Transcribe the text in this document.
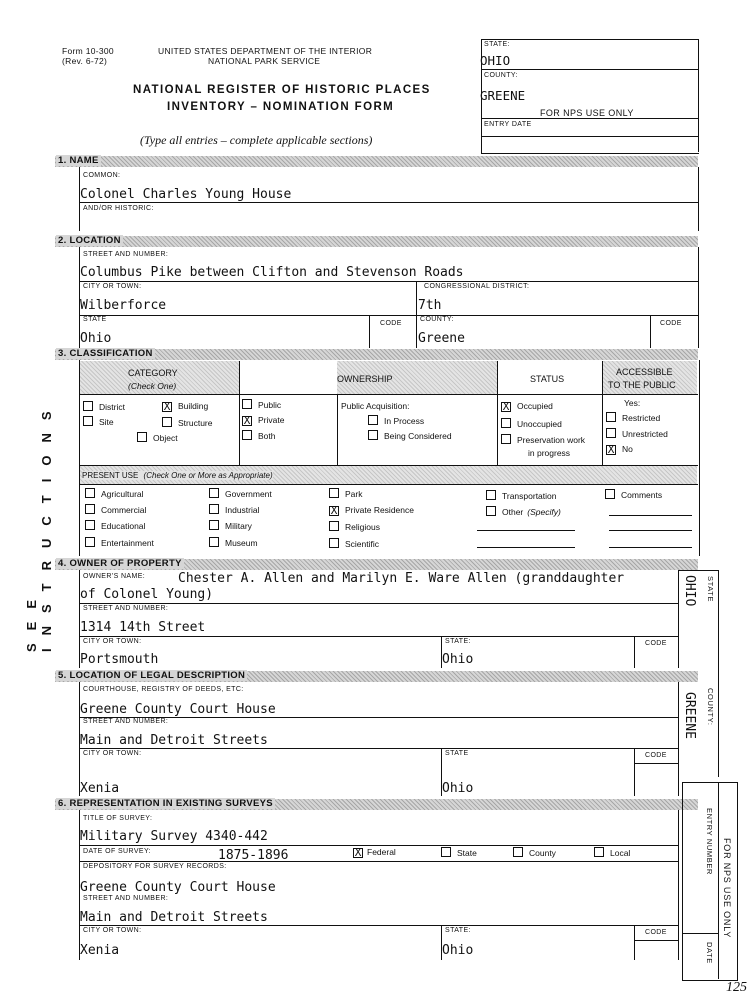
Form 10-300
(Rev. 6-72)
UNITED STATES DEPARTMENT OF THE INTERIOR
NATIONAL PARK SERVICE
NATIONAL REGISTER OF HISTORIC PLACES
INVENTORY – NOMINATION FORM
(Type all entries – complete applicable sections)
SEE INSTRUCTIONS
STATE:
OHIO
COUNTY:
GREENE
FOR NPS USE ONLY
ENTRY DATE
1. NAME
COMMON:
Colonel Charles Young House
AND/OR HISTORIC:
2. LOCATION
STREET AND NUMBER:
Columbus Pike between Clifton and Stevenson Roads
CITY OR TOWN:
Wilberforce
CONGRESSIONAL DISTRICT:
7th
STATE
Ohio
CODE
COUNTY:
Greene
CODE
3. CLASSIFICATION
CATEGORY
(Check One)
OWNERSHIP	STATUS
ACCESSIBLE
TO THE PUBLIC
District	X Building
Site	Structure
Object
Public
X Private
Both
Public Acquisition:
In Process
Being Considered
X Occupied
Unoccupied
Preservation work
in progress
Yes:
Restricted
Unrestricted
X No
PRESENT USE (Check One or More as Appropriate)
Agricultural
Commercial
Educational
Entertainment
Government
Industrial
Military
Museum
Park
X Private Residence
Religious
Scientific
Transportation
Other (Specify)
Comments
4. OWNER OF PROPERTY
OWNER'S NAME:	Chester A. Allen and Marilyn E. Ware Allen (granddaughter
of Colonel Young)
STREET AND NUMBER:
1314 14th Street
CITY OR TOWN:
Portsmouth
STATE:
Ohio
CODE
OHIO STATE
5. LOCATION OF LEGAL DESCRIPTION
COURTHOUSE, REGISTRY OF DEEDS, ETC:
Greene County Court House
STREET AND NUMBER:
Main and Detroit Streets
CITY OR TOWN:
Xenia
STATE
Ohio
CODE
GREENE COUNTY:
6. REPRESENTATION IN EXISTING SURVEYS
TITLE OF SURVEY:
Military Survey 4340-442
DATE OF SURVEY:	1875-1896	X Federal	State	County	Local
DEPOSITORY FOR SURVEY RECORDS:
Greene County Court House
STREET AND NUMBER:
Main and Detroit Streets
CITY OR TOWN:
Xenia
STATE:
Ohio
CODE
ENTRY NUMBER
DATE
FOR NPS USE ONLY
125
